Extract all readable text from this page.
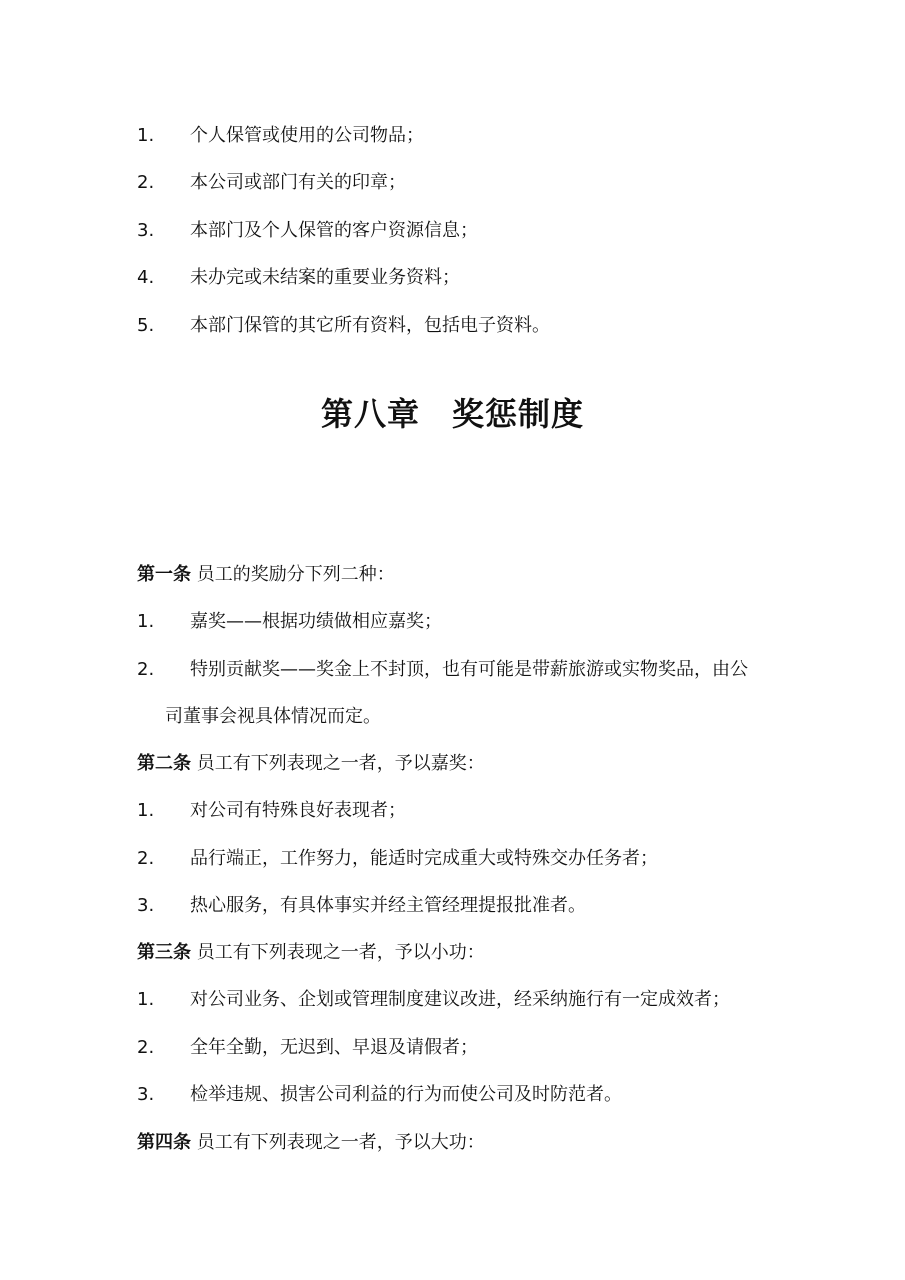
1. 个人保管或使用的公司物品；
2. 本公司或部门有关的印章；
3. 本部门及个人保管的客户资源信息；
4. 未办完或未结案的重要业务资料；
5. 本部门保管的其它所有资料，包括电子资料。
第八章 奖惩制度
第一条 员工的奖励分下列二种：
1. 嘉奖——根据功绩做相应嘉奖；
2. 特别贡献奖——奖金上不封顶，也有可能是带薪旅游或实物奖品，由公
司董事会视具体情况而定。
第二条 员工有下列表现之一者，予以嘉奖：
1. 对公司有特殊良好表现者；
2. 品行端正，工作努力，能适时完成重大或特殊交办任务者；
3. 热心服务，有具体事实并经主管经理提报批准者。
第三条 员工有下列表现之一者，予以小功：
1. 对公司业务、企划或管理制度建议改进，经采纳施行有一定成效者；
2. 全年全勤，无迟到、早退及请假者；
3. 检举违规、损害公司利益的行为而使公司及时防范者。
第四条 员工有下列表现之一者，予以大功：
